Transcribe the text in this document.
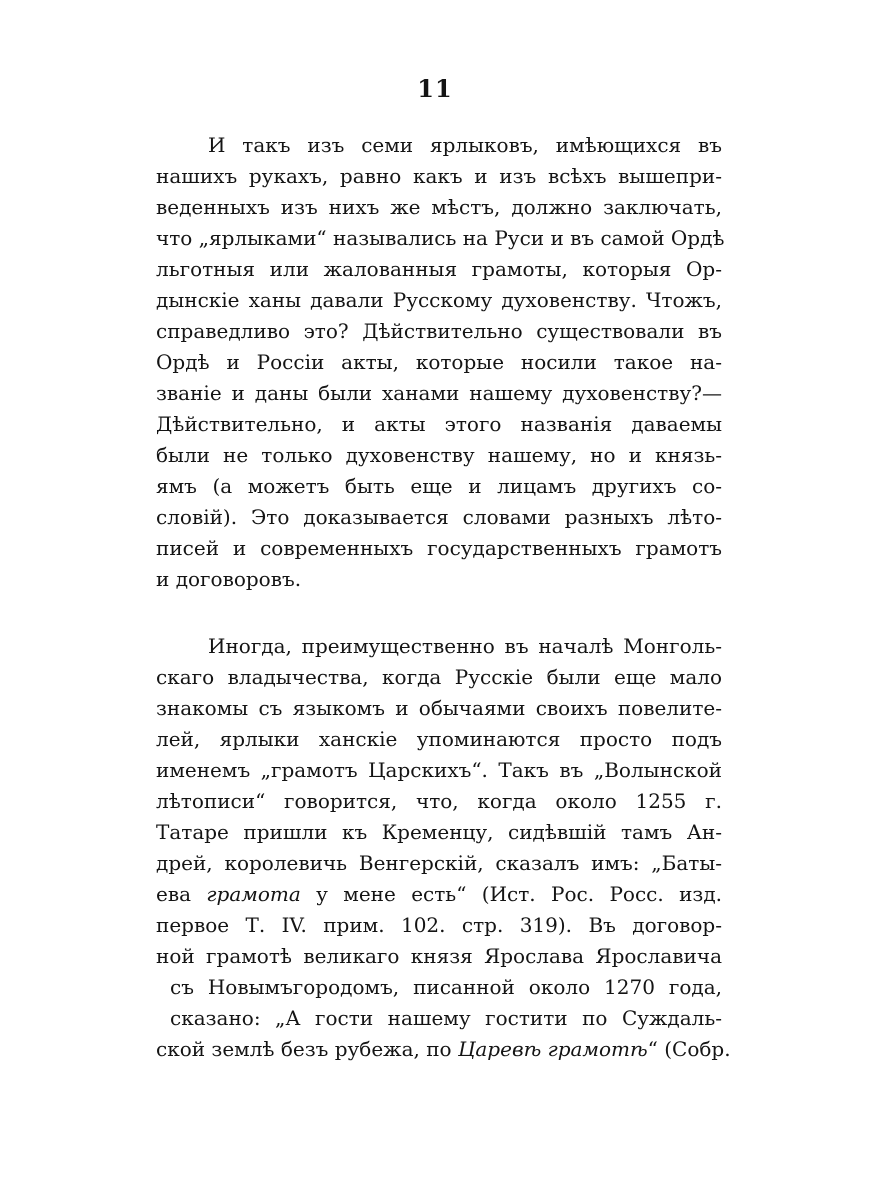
11
И такъ изъ семи ярлыковъ, имѣющихся въ
нашихъ рукахъ, равно какъ и изъ всѣхъ вышепри-
веденныхъ изъ нихъ же мѣстъ, должно заключать,
что „ярлыками“ назывались на Руси и въ самой Ордѣ
льготныя или жалованныя грамоты, которыя Ор-
дынскіе ханы давали Русскому духовенству. Чтожъ,
справедливо это? Дѣйствительно существовали въ
Ордѣ и Россіи акты, которые носили такое на-
званіе и даны были ханами нашему духовенству?—
Дѣйствительно, и акты этого названія даваемы
были не только духовенству нашему, но и князь-
ямъ (а можетъ быть еще и лицамъ другихъ со-
словій). Это доказывается словами разныхъ лѣто-
писей и современныхъ государственныхъ грамотъ
и договоровъ.
Иногда, преимущественно въ началѣ Монголь-
скаго владычества, когда Русскіе были еще мало
знакомы съ языкомъ и обычаями своихъ повелите-
лей, ярлыки ханскіе упоминаются просто подъ
именемъ „грамотъ Царскихъ“. Такъ въ „Волынской
лѣтописи“ говорится, что, когда около 1255 г.
Татаре пришли къ Кременцу, сидѣвшій тамъ Ан-
дрей, королевичь Венгерскій, сказалъ имъ: „Баты-
ева грамота у мене есть“ (Ист. Рос. Росс. изд.
первое Т. IV. прим. 102. стр. 319). Въ договор-
ной грамотѣ великаго князя Ярослава Ярославича
съ Новымъгородомъ, писанной около 1270 года,
сказано: „А гости нашему гостити по Суждаль-
ской землѣ безъ рубежа, по Царевѣ грамотѣ“ (Собр.
